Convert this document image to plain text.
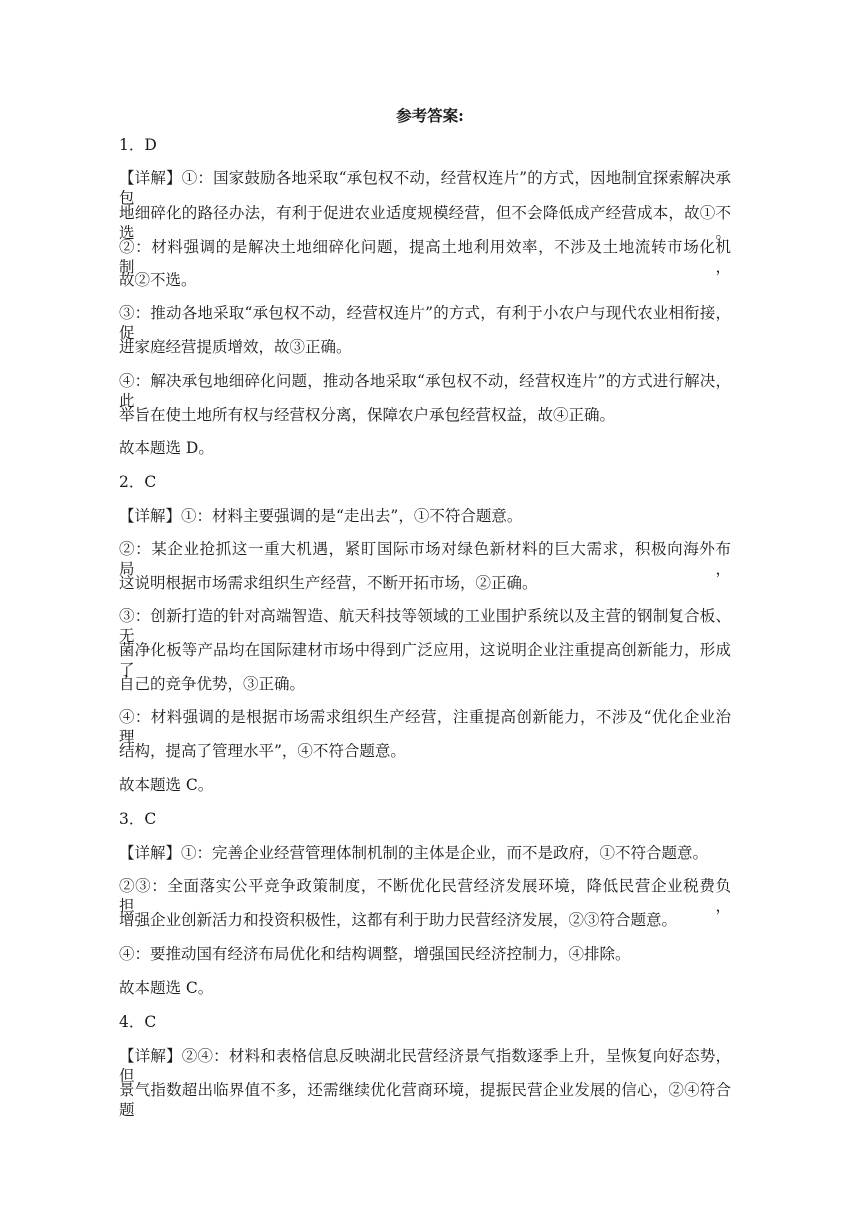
参考答案:
1．D
【详解】①：国家鼓励各地采取“承包权不动，经营权连片”的方式，因地制宜探索解决承包
地细碎化的路径办法，有利于促进农业适度规模经营，但不会降低成产经营成本，故①不选。
②：材料强调的是解决土地细碎化问题，提高土地利用效率，不涉及土地流转市场化机制，
故②不选。
③：推动各地采取“承包权不动，经营权连片”的方式，有利于小农户与现代农业相衔接，促
进家庭经营提质增效，故③正确。
④：解决承包地细碎化问题，推动各地采取“承包权不动，经营权连片”的方式进行解决，此
举旨在使土地所有权与经营权分离，保障农户承包经营权益，故④正确。
故本题选 D。
2．C
【详解】①：材料主要强调的是“走出去”，①不符合题意。
②：某企业抢抓这一重大机遇，紧盯国际市场对绿色新材料的巨大需求，积极向海外布局，
这说明根据市场需求组织生产经营，不断开拓市场，②正确。
③：创新打造的针对高端智造、航天科技等领域的工业围护系统以及主营的钢制复合板、无
菌净化板等产品均在国际建材市场中得到广泛应用，这说明企业注重提高创新能力，形成了
自己的竞争优势，③正确。
④：材料强调的是根据市场需求组织生产经营，注重提高创新能力，不涉及“优化企业治理
结构，提高了管理水平”，④不符合题意。
故本题选 C。
3．C
【详解】①：完善企业经营管理体制机制的主体是企业，而不是政府，①不符合题意。
②③：全面落实公平竞争政策制度，不断优化民营经济发展环境，降低民营企业税费负担，
增强企业创新活力和投资积极性，这都有利于助力民营经济发展，②③符合题意。
④：要推动国有经济布局优化和结构调整，增强国民经济控制力，④排除。
故本题选 C。
4．C
【详解】②④：材料和表格信息反映湖北民营经济景气指数逐季上升，呈恢复向好态势，但
景气指数超出临界值不多，还需继续优化营商环境，提振民营企业发展的信心，②④符合题
